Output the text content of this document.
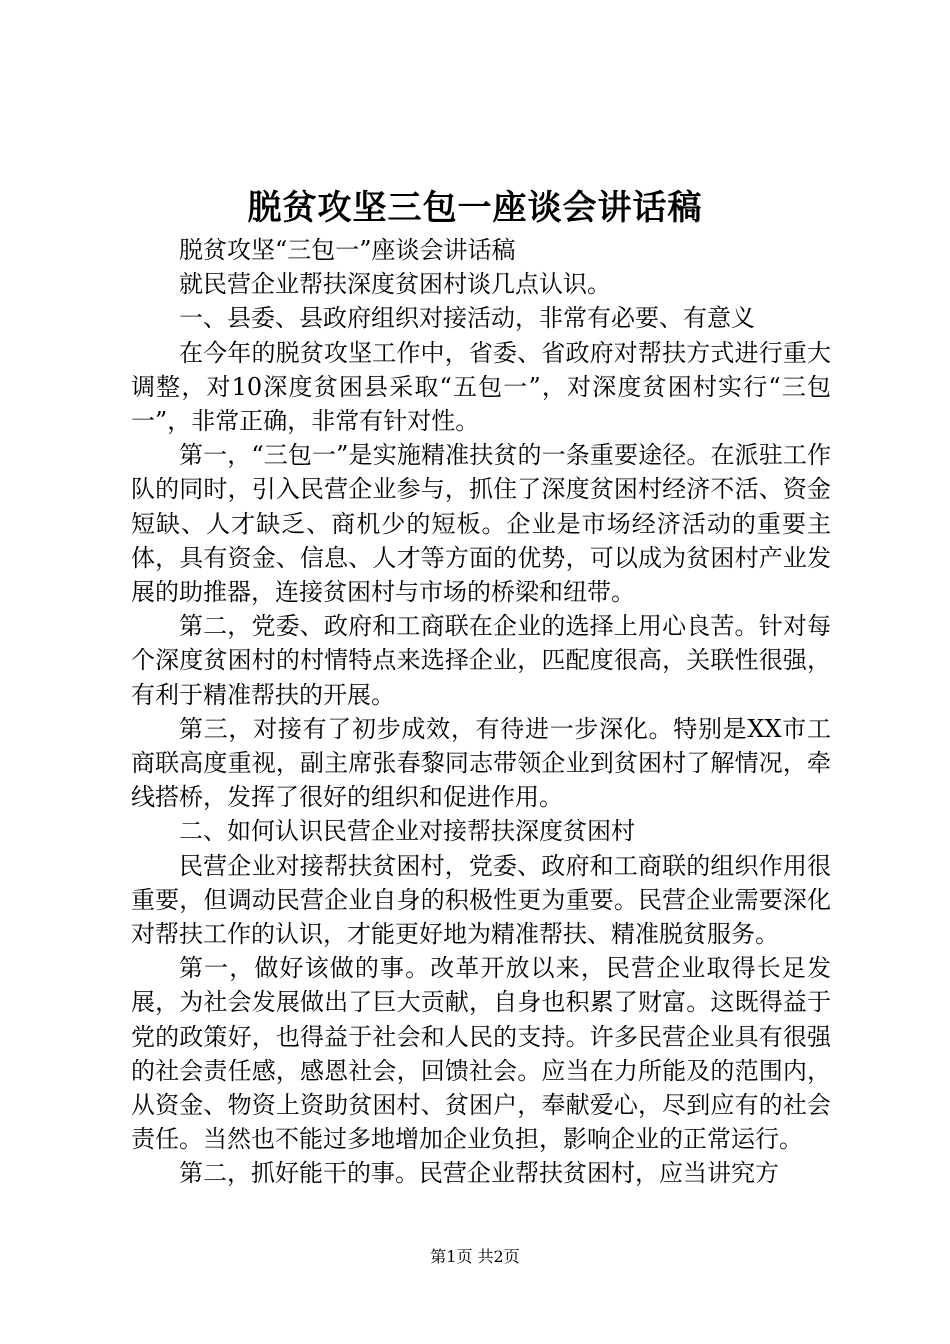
脱贫攻坚三包一座谈会讲话稿

脱贫攻坚“三包一”座谈会讲话稿

就民营企业帮扶深度贫困村谈几点认识。

一、县委、县政府组织对接活动，非常有必要、有意义

在今年的脱贫攻坚工作中，省委、省政府对帮扶方式进行重大调整，对10深度贫困县采取“五包一”，对深度贫困村实行“三包一”，非常正确，非常有针对性。

第一，“三包一”是实施精准扶贫的一条重要途径。在派驻工作队的同时，引入民营企业参与，抓住了深度贫困村经济不活、资金短缺、人才缺乏、商机少的短板。企业是市场经济活动的重要主体，具有资金、信息、人才等方面的优势，可以成为贫困村产业发展的助推器，连接贫困村与市场的桥梁和纽带。

第二，党委、政府和工商联在企业的选择上用心良苦。针对每个深度贫困村的村情特点来选择企业，匹配度很高，关联性很强，有利于精准帮扶的开展。

第三，对接有了初步成效，有待进一步深化。特别是XX市工商联高度重视，副主席张春黎同志带领企业到贫困村了解情况，牵线搭桥，发挥了很好的组织和促进作用。

二、如何认识民营企业对接帮扶深度贫困村

民营企业对接帮扶贫困村，党委、政府和工商联的组织作用很重要，但调动民营企业自身的积极性更为重要。民营企业需要深化对帮扶工作的认识，才能更好地为精准帮扶、精准脱贫服务。

第一，做好该做的事。改革开放以来，民营企业取得长足发展，为社会发展做出了巨大贡献，自身也积累了财富。这既得益于党的政策好，也得益于社会和人民的支持。许多民营企业具有很强的社会责任感，感恩社会，回馈社会。应当在力所能及的范围内，从资金、物资上资助贫困村、贫困户，奉献爱心，尽到应有的社会责任。当然也不能过多地增加企业负担，影响企业的正常运行。

第二，抓好能干的事。民营企业帮扶贫困村，应当讲究方

第1页 共2页
